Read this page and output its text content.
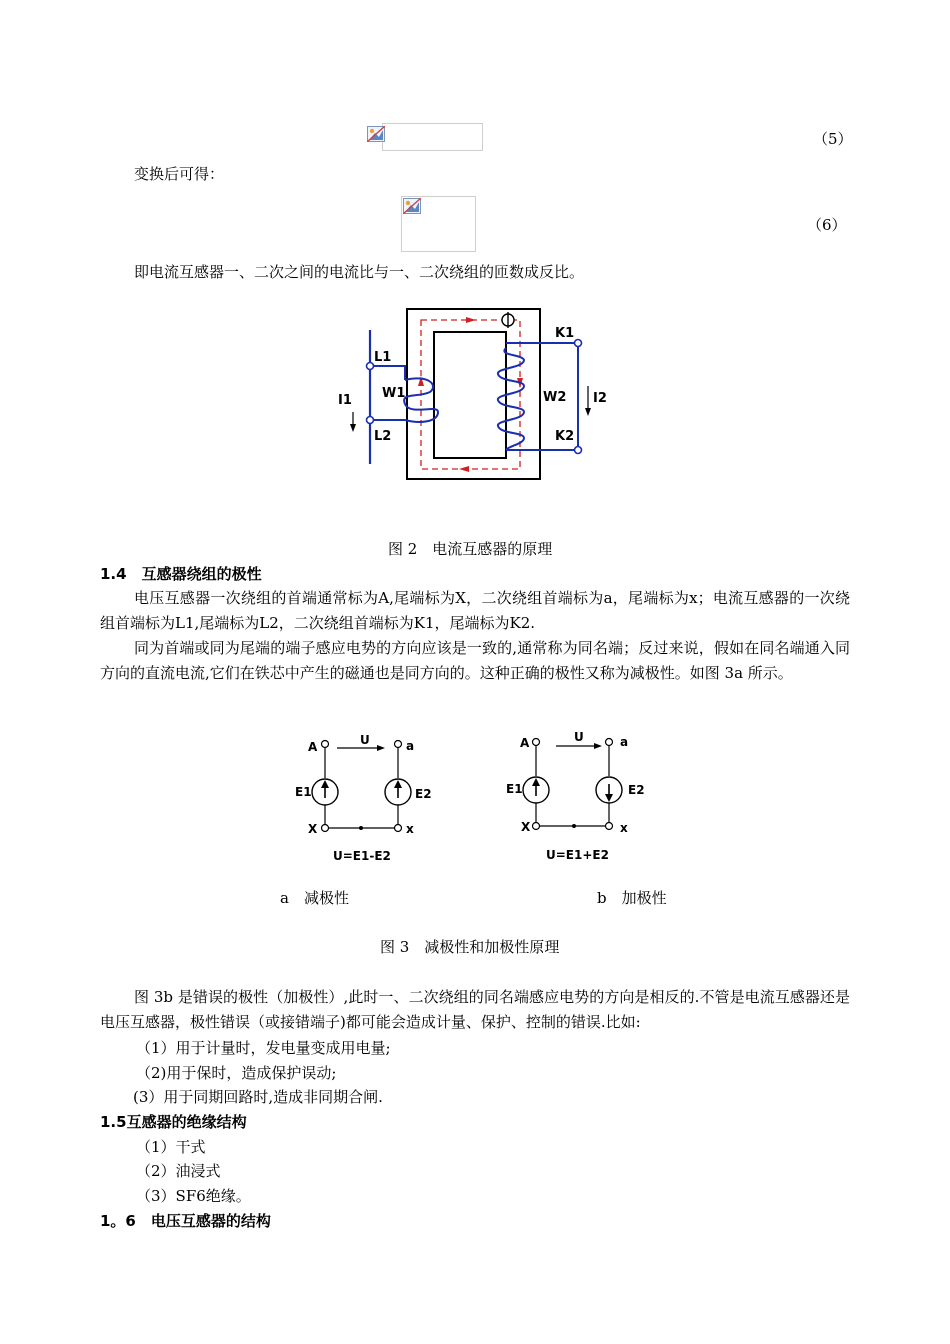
（5）
变换后可得：
（6）
即电流互感器一、二次之间的电流比与一、二次绕组的匝数成反比。
L1
L2
I1 W1
K1
K2
W2 I2
图 2　电流互感器的原理
1.4　互感器绕组的极性
电压互感器一次绕组的首端通常标为A,尾端标为X，二次绕组首端标为a，尾端标为x；电流互感器的一次绕组首端标为L1,尾端标为L2，二次绕组首端标为K1，尾端标为K2.
同为首端或同为尾端的端子感应电势的方向应该是一致的,通常称为同名端；反过来说，假如在同名端通入同方向的直流电流,它们在铁芯中产生的磁通也是同方向的。这种正确的极性又称为减极性。如图 3a 所示。
U
A	a
X	x
E1	E2
U=E1-E2
U
A	a
X	x
E1	E2
U=E1+E2
a　减极性	b　加极性
图 3　减极性和加极性原理
图 3b 是错误的极性（加极性）,此时一、二次绕组的同名端感应电势的方向是相反的.不管是电流互感器还是电压互感器，极性错误（或接错端子)都可能会造成计量、保护、控制的错误.比如:
（1）用于计量时，发电量变成用电量;
（2)用于保时，造成保护误动;
(3）用于同期回路时,造成非同期合闸.
1.5互感器的绝缘结构
（1）干式
（2）油浸式
（3）SF6绝缘。
1。6　电压互感器的结构
